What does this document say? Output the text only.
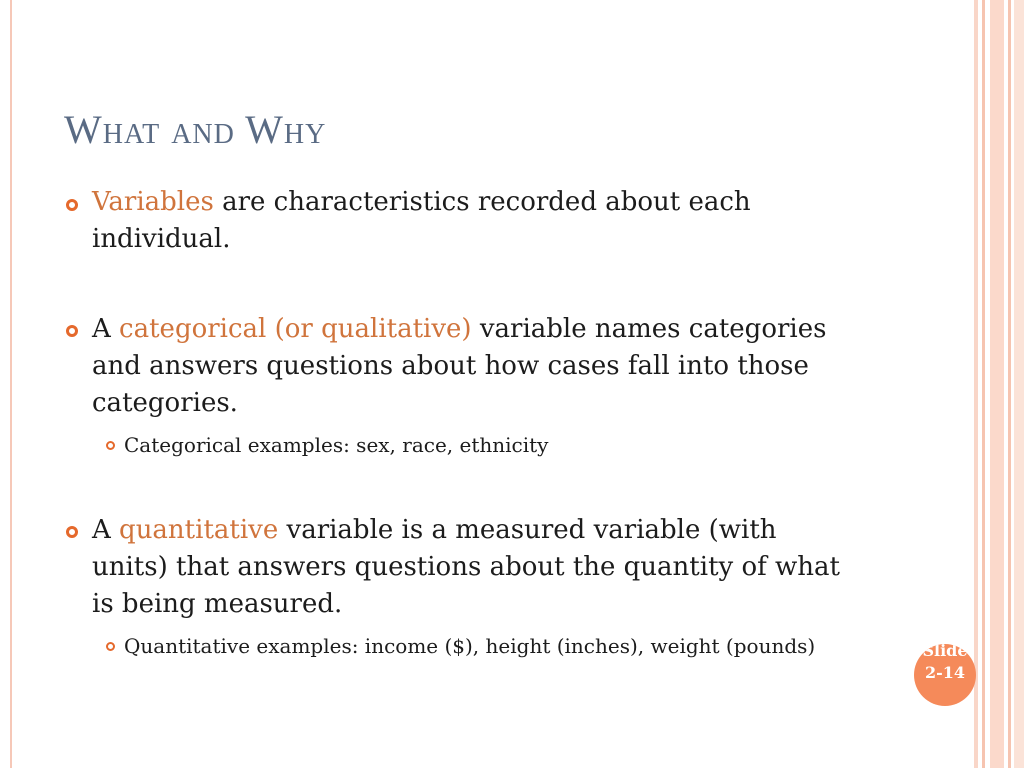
What and Why
Variables are characteristics recorded about each individual.
A categorical (or qualitative) variable names categories and answers questions about how cases fall into those categories.
Categorical examples: sex, race, ethnicity
A quantitative variable is a measured variable (with units) that answers questions about the quantity of what is being measured.
Quantitative examples: income ($), height (inches), weight (pounds)	Slide 2-14
